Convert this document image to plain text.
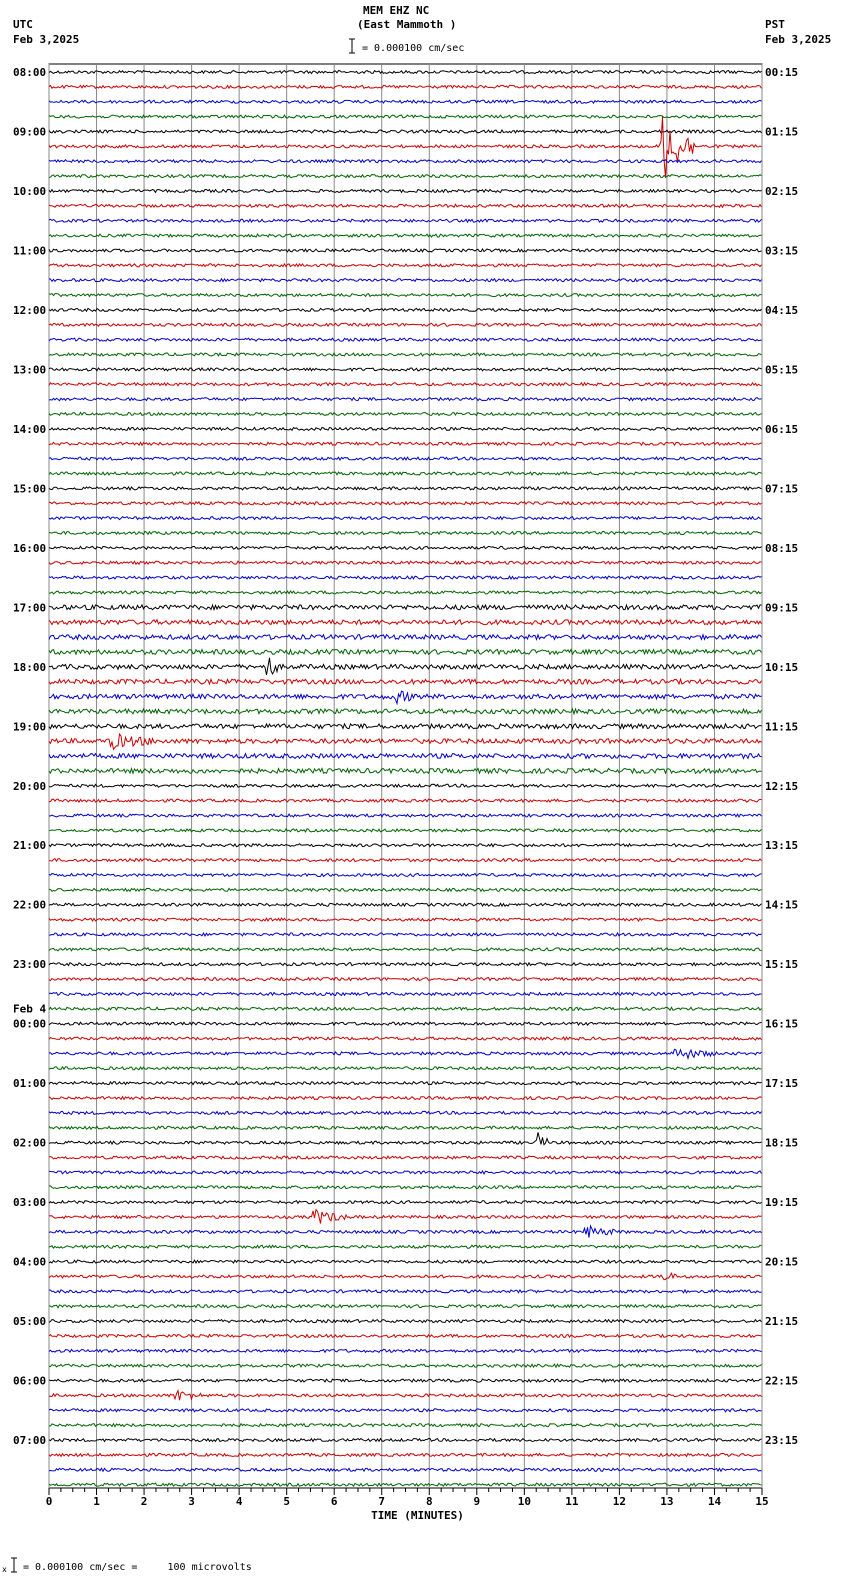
MEM EHZ NC
(East Mammoth )
UTC
Feb 3,2025
PST
Feb 3,2025
= 0.000100 cm/sec
08:00
09:00
10:00
11:00
12:00
13:00
14:00
15:00
16:00
17:00
18:00
19:00
20:00
21:00
22:00
23:00
00:00
Feb 4
01:00
02:00
03:00
04:00
05:00
06:00
07:00
00:15
01:15
02:15
03:15
04:15
05:15
06:15
07:15
08:15
09:15
10:15
11:15
12:15
13:15
14:15
15:15
16:15
17:15
18:15
19:15
20:15
21:15
22:15
23:15
0	1	2	3	4	5	6	7	8	9	10	11	12	13	14	15
TIME (MINUTES)
x = 0.000100 cm/sec =     100 microvolts
